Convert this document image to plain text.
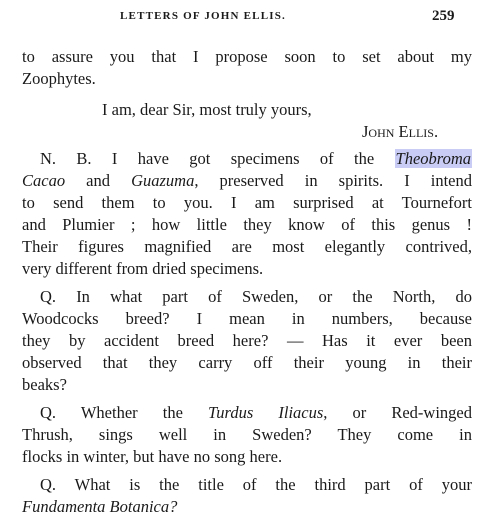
LETTERS OF JOHN ELLIS.	259
to assure you that I propose soon to set about my
Zoophytes.
I am, dear Sir, most truly yours,
John Ellis.
N. B. I have got specimens of the Theobroma
Cacao and Guazuma, preserved in spirits. I intend
to send them to you. I am surprised at Tournefort
and Plumier ; how little they know of this genus !
Their figures magnified are most elegantly contrived,
very different from dried specimens.
Q. In what part of Sweden, or the North, do
Woodcocks breed? I mean in numbers, because
they by accident breed here? — Has it ever been
observed that they carry off their young in their
beaks?
Q. Whether the Turdus Iliacus, or Red-winged
Thrush, sings well in Sweden? They come in
flocks in winter, but have no song here.
Q. What is the title of the third part of your
Fundamenta Botanica?
